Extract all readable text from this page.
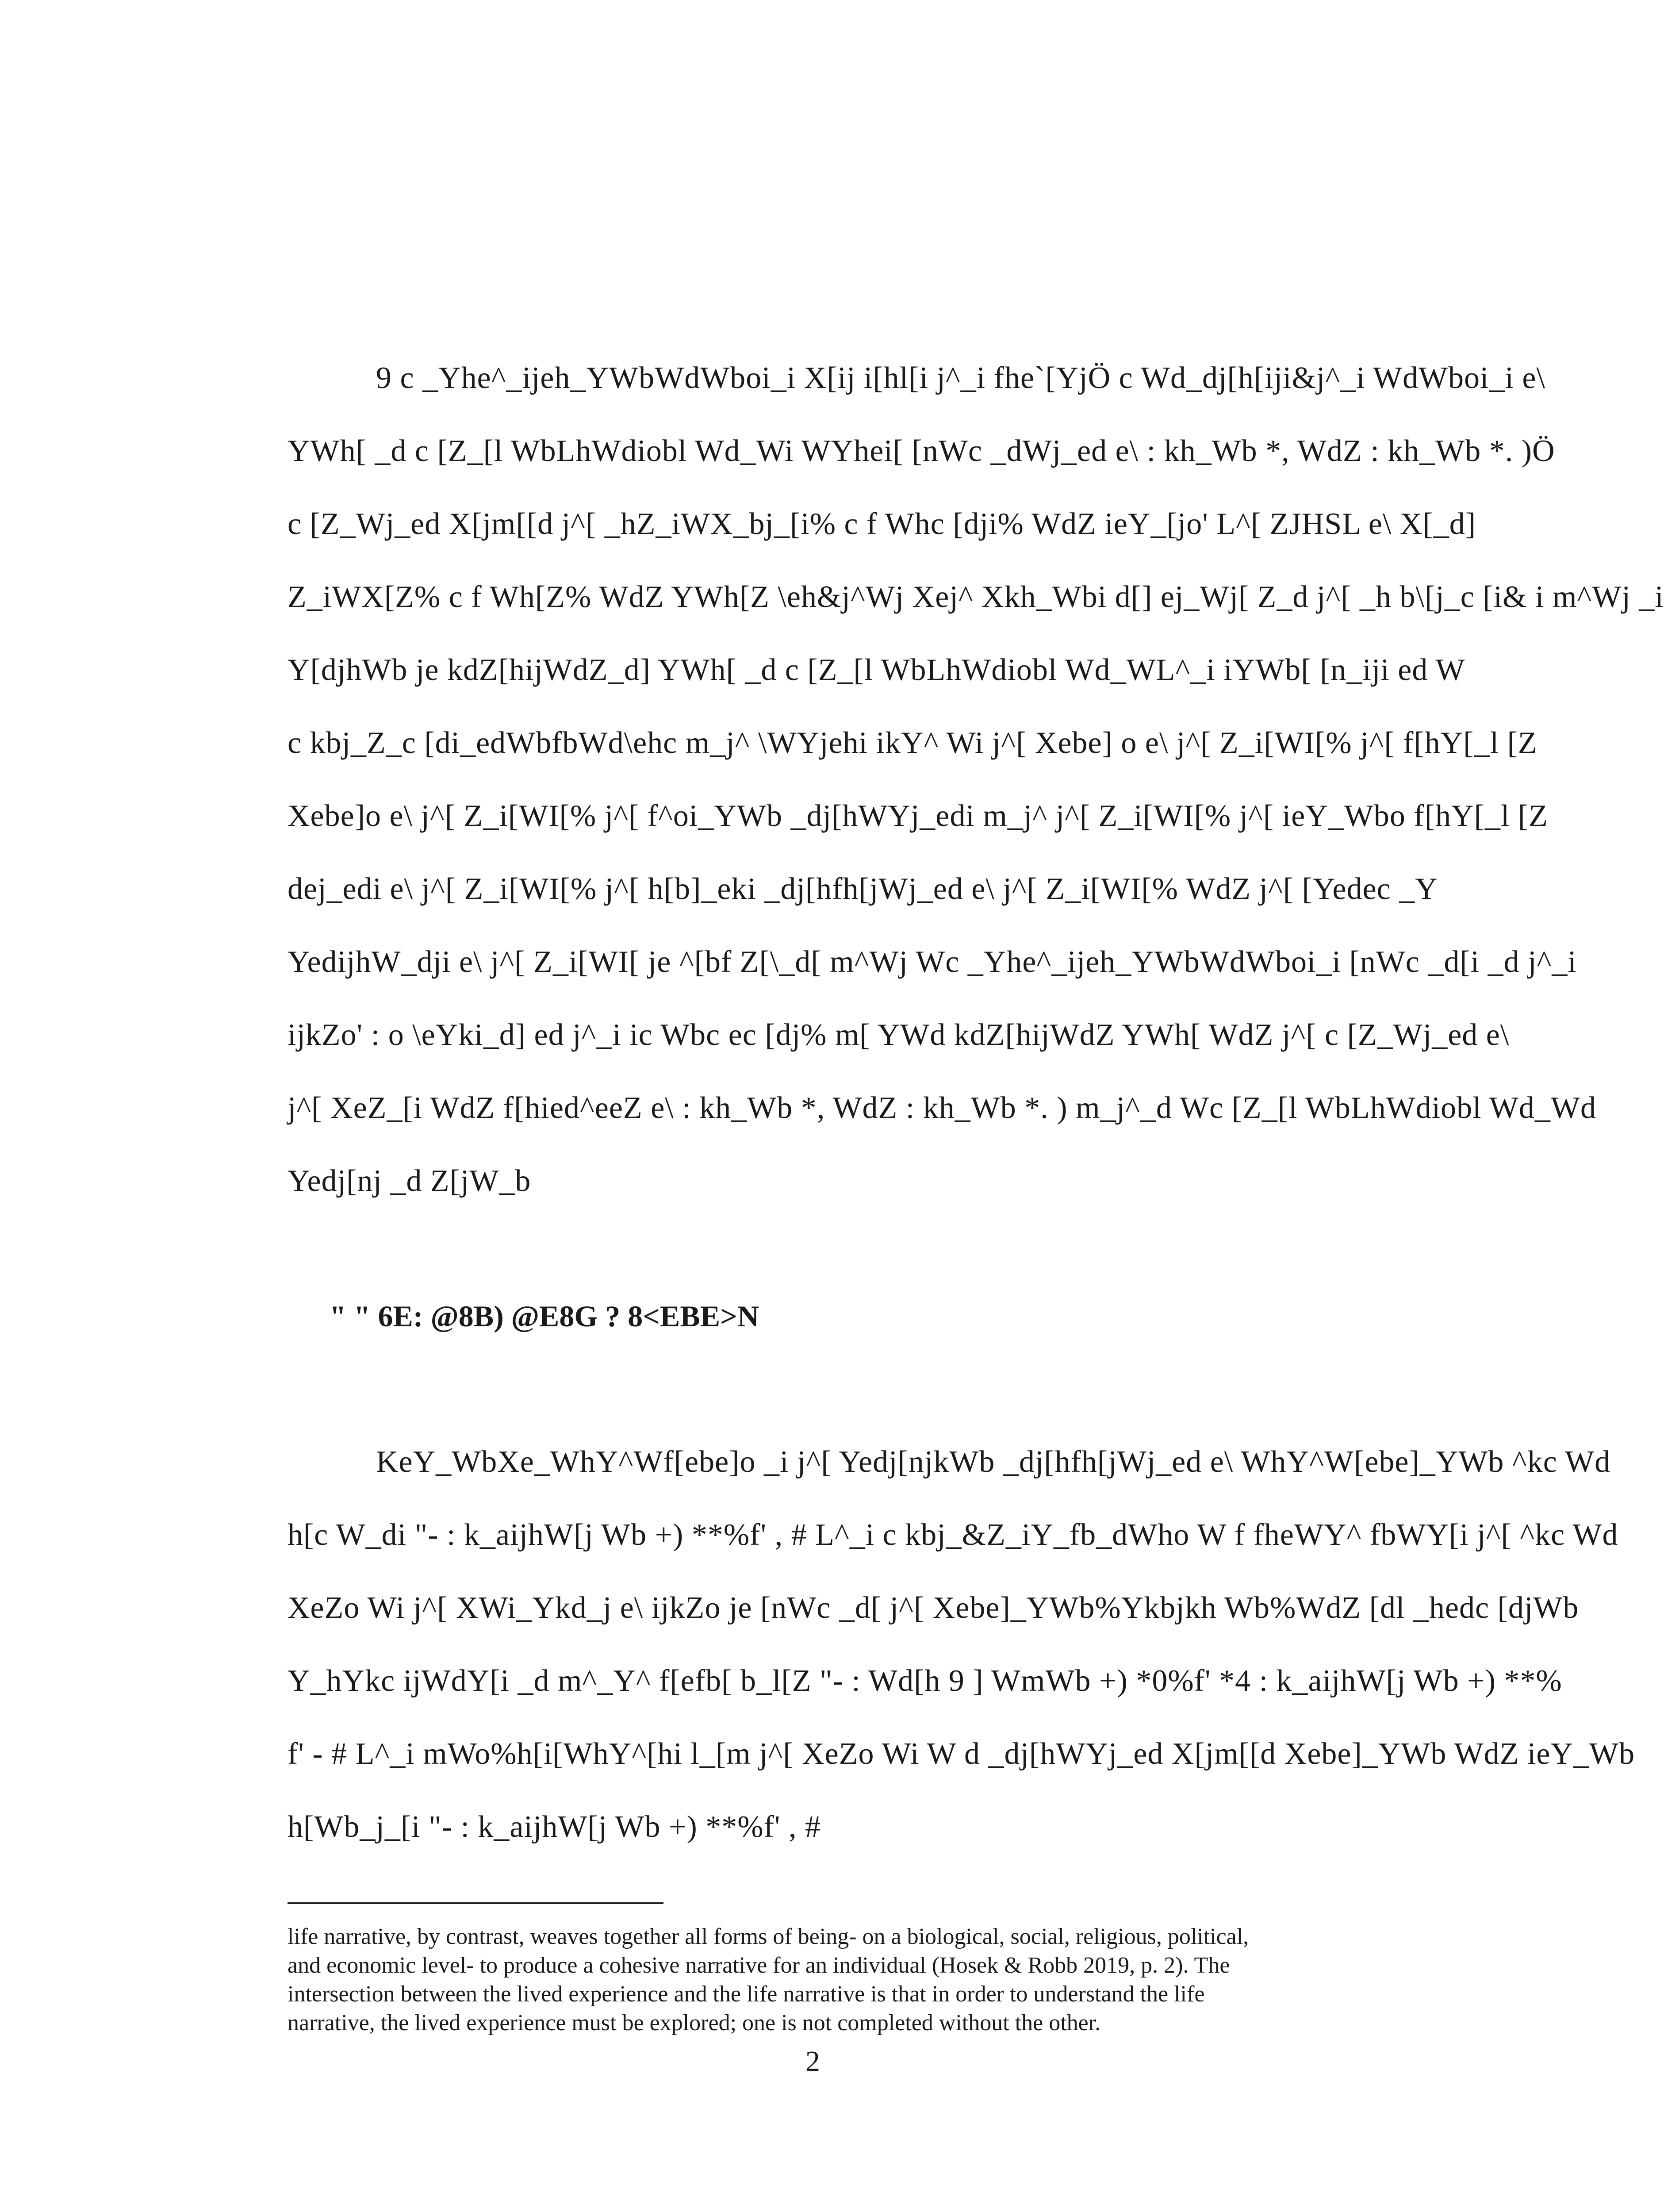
9 c _Yhe^_ijeh_YWbWdWboi_i X[ij i[hl[i j^_i fhe`[YjÖ c Wd_dj[h[iji&j^_i WdWboi_i e\
YWh[ _d c [Z_[l WbLhWdiobl Wd_Wi WYhei[ [nWc _dWj_ed e\ : kh_Wb *, WdZ : kh_Wb *. )Ö
c [Z_Wj_ed X[jm[[d j^[ _hZ_iWX_bj_[i% c f Whc [dji% WdZ ieY_[jo' L^[ ZJHSL e\ X[_d]
Z_iWX[Z% c f Wh[Z% WdZ YWh[Z \eh&j^Wj Xej^ Xkh_Wbi d[] ej_Wj[ Z_d j^[ _h b\[j_c [i& i m^Wj _i
Y[djhWb je kdZ[hijWdZ_d] YWh[ _d c [Z_[l WbLhWdiobl Wd_WL^_i iYWb[ [n_iji ed W
c kbj_Z_c [di_edWbfbWd\ehc m_j^ \WYjehi ikY^ Wi j^[ Xebe] o e\ j^[ Z_i[WI[% j^[ f[hY[_l [Z
Xebe]o e\ j^[ Z_i[WI[% j^[ f^oi_YWb _dj[hWYj_edi m_j^ j^[ Z_i[WI[% j^[ ieY_Wbo f[hY[_l [Z
dej_edi e\ j^[ Z_i[WI[% j^[ h[b]_eki _dj[hfh[jWj_ed e\ j^[ Z_i[WI[% WdZ j^[ [Yedec _Y
YedijhW_dji e\ j^[ Z_i[WI[ je ^[bf Z[\_d[ m^Wj Wc _Yhe^_ijeh_YWbWdWboi_i [nWc _d[i _d j^_i
ijkZo' : o \eYki_d] ed j^_i ic Wbc ec [dj% m[ YWd kdZ[hijWdZ YWh[ WdZ j^[ c [Z_Wj_ed e\
j^[ XeZ_[i WdZ f[hied^eeZ e\ : kh_Wb *, WdZ : kh_Wb *. ) m_j^_d Wc [Z_[l WbLhWdiobl Wd_Wd
Yedj[nj _d Z[jW_b
" " 6E: @8B) @E8G ? 8<EBE>N
KeY_WbXe_WhY^Wf[ebe]o _i j^[ Yedj[njkWb _dj[hfh[jWj_ed e\ WhY^W[ebe]_YWb ^kc Wd
h[c W_di "- : k_aijhW[j Wb +) **%f' , # L^_i c kbj_&Z_iY_fb_dWho W f fheWY^ fbWY[i j^[ ^kc Wd
XeZo Wi j^[ XWi_Ykd_j e\ ijkZo je [nWc _d[ j^[ Xebe]_YWb%Ykbjkh Wb%WdZ [dl _hedc [djWb
Y_hYkc ijWdY[i _d m^_Y^ f[efb[ b_l[Z "- : Wd[h 9 ] WmWb +) *0%f' *4 : k_aijhW[j Wb +) **%
f' - # L^_i mWo%h[i[WhY^[hi l_[m j^[ XeZo Wi W d _dj[hWYj_ed X[jm[[d Xebe]_YWb WdZ ieY_Wb
h[Wb_j_[i "- : k_aijhW[j Wb +) **%f' , #
life narrative, by contrast, weaves together all forms of being- on a biological, social, religious, political,
and economic level- to produce a cohesive narrative for an individual (Hosek & Robb 2019, p. 2). The
intersection between the lived experience and the life narrative is that in order to understand the life
narrative, the lived experience must be explored; one is not completed without the other.
2
